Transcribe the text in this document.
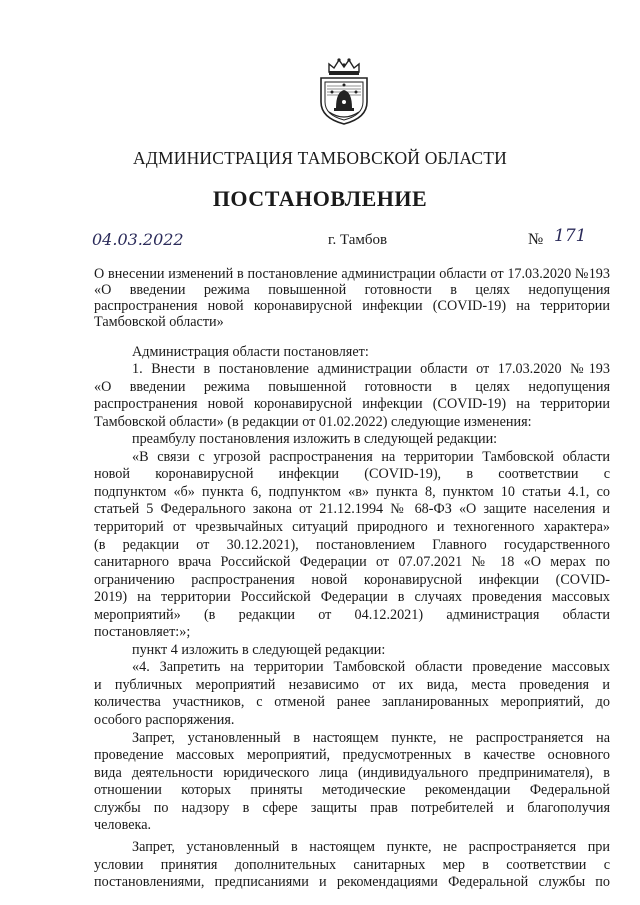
АДМИНИСТРАЦИЯ ТАМБОВСКОЙ ОБЛАСТИ
ПОСТАНОВЛЕНИЕ
04.03.2022	г. Тамбов	№ 171
О внесении изменений в постановление администрации области от 17.03.2020 №193 «О введении режима повышенной готовности в целях недопущения распространения новой коронавирусной инфекции (COVID-19) на территории Тамбовской области»
Администрация области постановляет:
1. Внести в постановление администрации области от 17.03.2020 №193
«О введении режима повышенной готовности в целях недопущения
распространения новой коронавирусной инфекции (COVID-19) на территории
Тамбовской области» (в редакции от 01.02.2022) следующие изменения:
преамбулу постановления изложить в следующей редакции:
«В связи с угрозой распространения на территории Тамбовской области
новой коронавирусной инфекции (COVID-19), в соответствии с
подпунктом «б» пункта 6, подпунктом «в» пункта 8, пунктом 10 статьи 4.1, со
статьей 5 Федерального закона от 21.12.1994 № 68-ФЗ «О защите населения и
территорий от чрезвычайных ситуаций природного и техногенного характера»
(в редакции от 30.12.2021), постановлением Главного государственного
санитарного врача Российской Федерации от 07.07.2021 № 18 «О мерах по
ограничению распространения новой коронавирусной инфекции (COVID-
2019) на территории Российской Федерации в случаях проведения массовых
мероприятий» (в редакции от 04.12.2021) администрация области
постановляет:»;
пункт 4 изложить в следующей редакции:
«4. Запретить на территории Тамбовской области проведение массовых
и публичных мероприятий независимо от их вида, места проведения и
количества участников, с отменой ранее запланированных мероприятий, до
особого распоряжения.
Запрет, установленный в настоящем пункте, не распространяется на
проведение массовых мероприятий, предусмотренных в качестве основного
вида деятельности юридического лица (индивидуального предпринимателя), в
отношении которых приняты методические рекомендации Федеральной
службы по надзору в сфере защиты прав потребителей и благополучия
человека.
Запрет, установленный в настоящем пункте, не распространяется при
условии принятия дополнительных санитарных мер в соответствии с
постановлениями, предписаниями и рекомендациями Федеральной службы по
